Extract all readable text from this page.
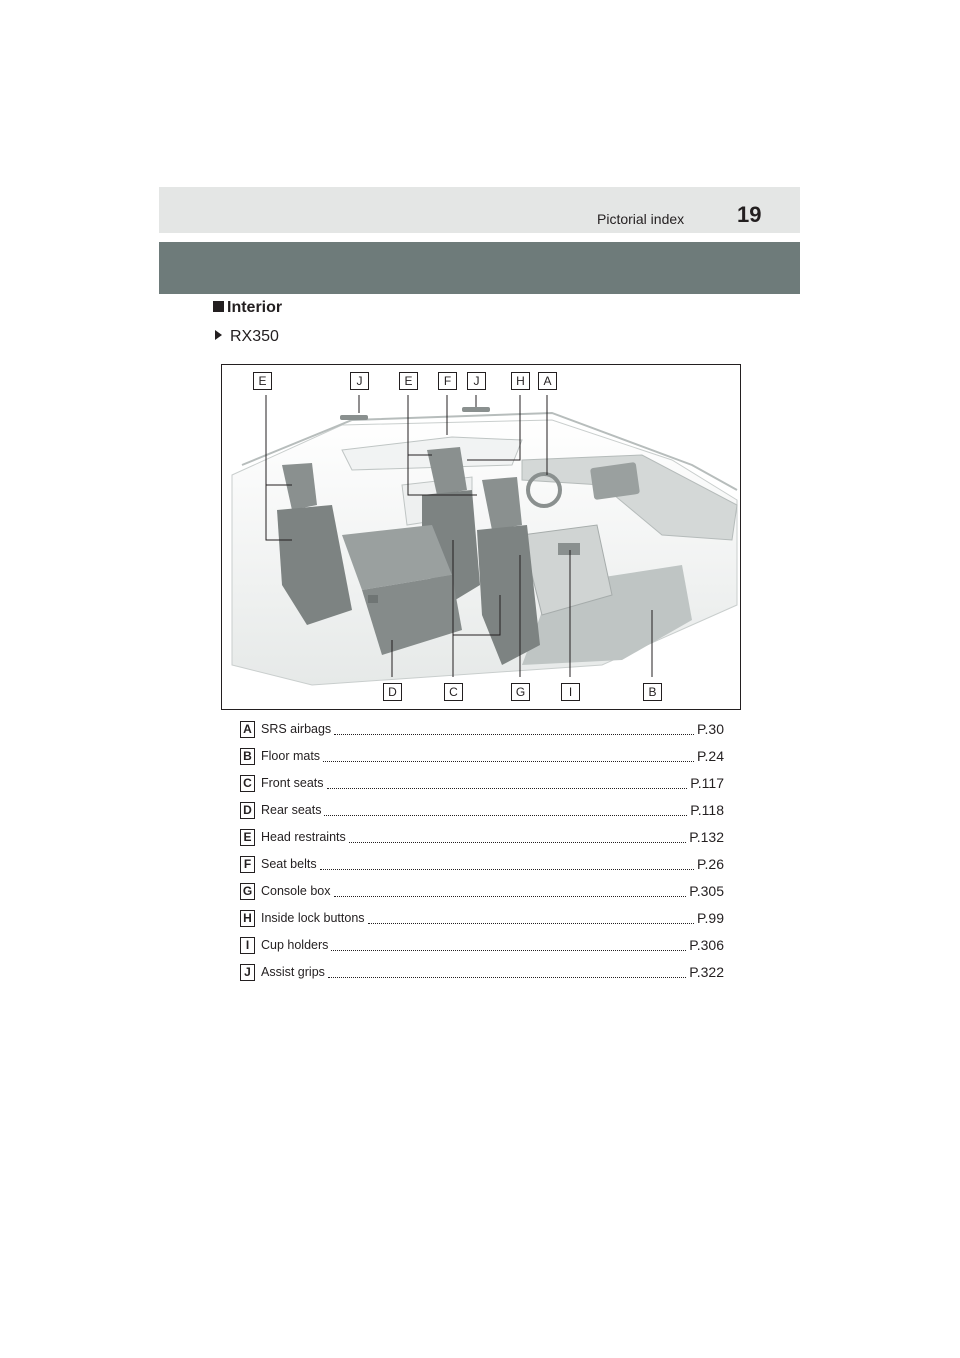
Pictorial index 19
Interior
RX350
E	J	E	F	J	H	A
D	C	G	I	B
A SRS airbags	P.30
B Floor mats	P.24
C Front seats	P.117
D Rear seats	P.118
E Head restraints	P.132
F Seat belts	P.26
G Console box	P.305
H Inside lock buttons	P.99
I Cup holders	P.306
J Assist grips	P.322
